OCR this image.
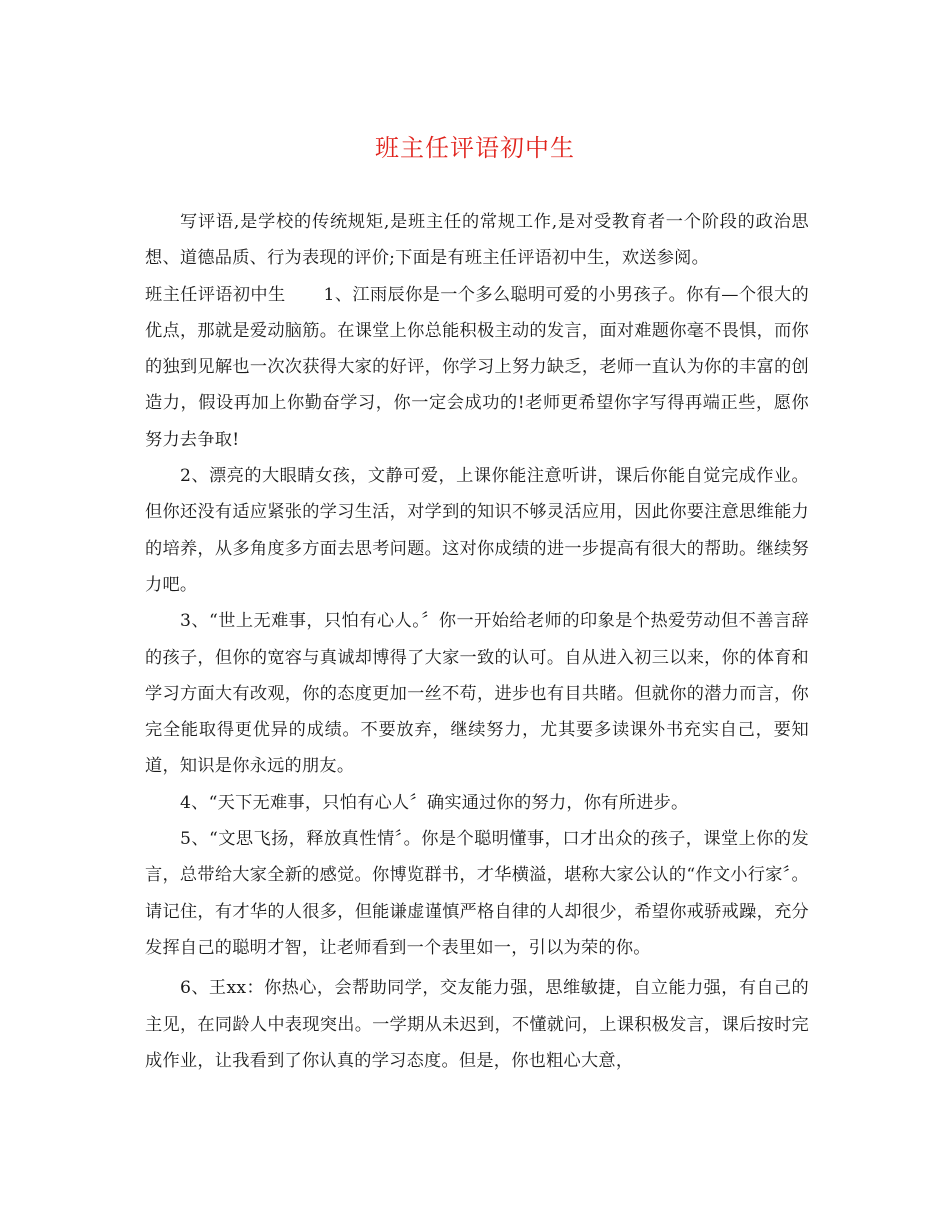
班主任评语初中生

写评语,是学校的传统规矩,是班主任的常规工作,是对受教育者一个阶段的政治思想、道德品质、行为表现的评价;下面是有班主任评语初中生，欢送参阅。

班主任评语初中生 1、江雨辰你是一个多么聪明可爱的小男孩子。你有—个很大的优点，那就是爱动脑筋。在课堂上你总能积极主动的发言，面对难题你毫不畏惧，而你的独到见解也一次次获得大家的好评，你学习上努力缺乏，老师一直认为你的丰富的创造力，假设再加上你勤奋学习，你一定会成功的!老师更希望你字写得再端正些，愿你努力去争取!

2、漂亮的大眼睛女孩，文静可爱，上课你能注意听讲，课后你能自觉完成作业。但你还没有适应紧张的学习生活，对学到的知识不够灵活应用，因此你要注意思维能力的培养，从多角度多方面去思考问题。这对你成绩的进一步提高有很大的帮助。继续努力吧。

3、“世上无难事，只怕有心人。〞你一开始给老师的印象是个热爱劳动但不善言辞的孩子，但你的宽容与真诚却博得了大家一致的认可。自从进入初三以来，你的体育和学习方面大有改观，你的态度更加一丝不苟，进步也有目共睹。但就你的潜力而言，你完全能取得更优异的成绩。不要放弃，继续努力，尤其要多读课外书充实自己，要知道，知识是你永远的朋友。

4、“天下无难事，只怕有心人〞确实通过你的努力，你有所进步。

5、“文思飞扬，释放真性情〞。你是个聪明懂事，口才出众的孩子，课堂上你的发言，总带给大家全新的感觉。你博览群书，才华横溢，堪称大家公认的“作文小行家〞。请记住，有才华的人很多，但能谦虚谨慎严格自律的人却很少，希望你戒骄戒躁，充分发挥自己的聪明才智，让老师看到一个表里如一，引以为荣的你。

6、王xx：你热心，会帮助同学，交友能力强，思维敏捷，自立能力强，有自己的主见，在同龄人中表现突出。一学期从未迟到，不懂就问，上课积极发言，课后按时完成作业，让我看到了你认真的学习态度。但是，你也粗心大意，
